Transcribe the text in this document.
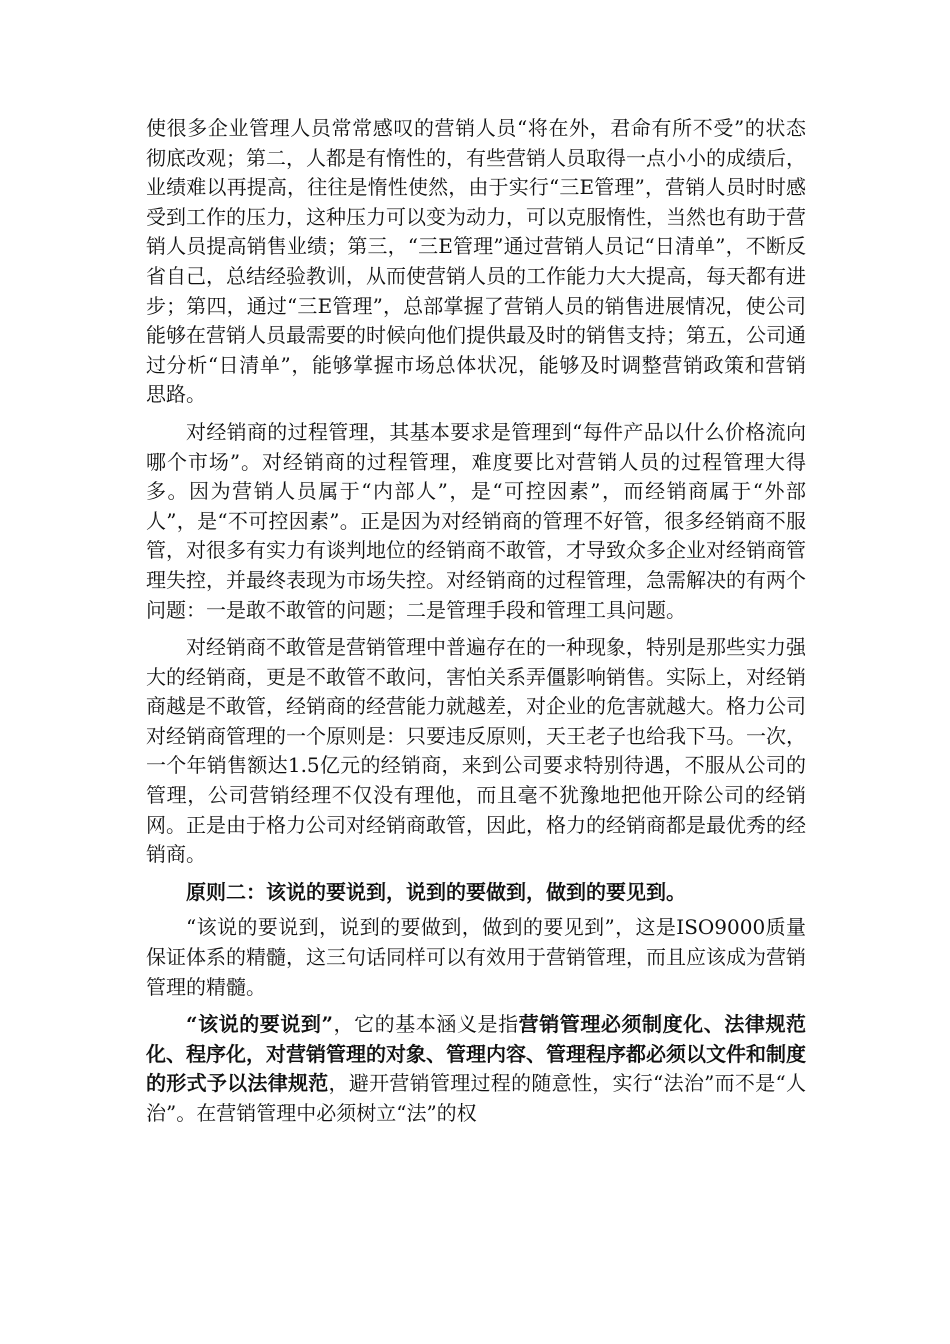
使很多企业管理人员常常感叹的营销人员“将在外，君命有所不受”的状态彻底改观；第二，人都是有惰性的，有些营销人员取得一点小小的成绩后，业绩难以再提高，往往是惰性使然，由于实行“三E管理”，营销人员时时感受到工作的压力，这种压力可以变为动力，可以克服惰性，当然也有助于营销人员提高销售业绩；第三，“三E管理”通过营销人员记“日清单”，不断反省自己，总结经验教训，从而使营销人员的工作能力大大提高，每天都有进步；第四，通过“三E管理”，总部掌握了营销人员的销售进展情况，使公司能够在营销人员最需要的时候向他们提供最及时的销售支持；第五，公司通过分析“日清单”，能够掌握市场总体状况，能够及时调整营销政策和营销思路。

对经销商的过程管理，其基本要求是管理到“每件产品以什么价格流向哪个市场”。对经销商的过程管理，难度要比对营销人员的过程管理大得多。因为营销人员属于“内部人”，是“可控因素”，而经销商属于“外部人”，是“不可控因素”。正是因为对经销商的管理不好管，很多经销商不服管，对很多有实力有谈判地位的经销商不敢管，才导致众多企业对经销商管理失控，并最终表现为市场失控。对经销商的过程管理，急需解决的有两个问题：一是敢不敢管的问题；二是管理手段和管理工具问题。

对经销商不敢管是营销管理中普遍存在的一种现象，特别是那些实力强大的经销商，更是不敢管不敢问，害怕关系弄僵影响销售。实际上，对经销商越是不敢管，经销商的经营能力就越差，对企业的危害就越大。格力公司对经销商管理的一个原则是：只要违反原则，天王老子也给我下马。一次，一个年销售额达1.5亿元的经销商，来到公司要求特别待遇，不服从公司的管理，公司营销经理不仅没有理他，而且毫不犹豫地把他开除公司的经销网。正是由于格力公司对经销商敢管，因此，格力的经销商都是最优秀的经销商。

原则二：该说的要说到，说到的要做到，做到的要见到。

“该说的要说到，说到的要做到，做到的要见到”，这是ISO9000质量保证体系的精髓，这三句话同样可以有效用于营销管理，而且应该成为营销管理的精髓。

“该说的要说到”，它的基本涵义是指营销管理必须制度化、法律规范化、程序化，对营销管理的对象、管理内容、管理程序都必须以文件和制度的形式予以法律规范，避开营销管理过程的随意性，实行“法治”而不是“人治”。在营销管理中必须树立“法”的权
